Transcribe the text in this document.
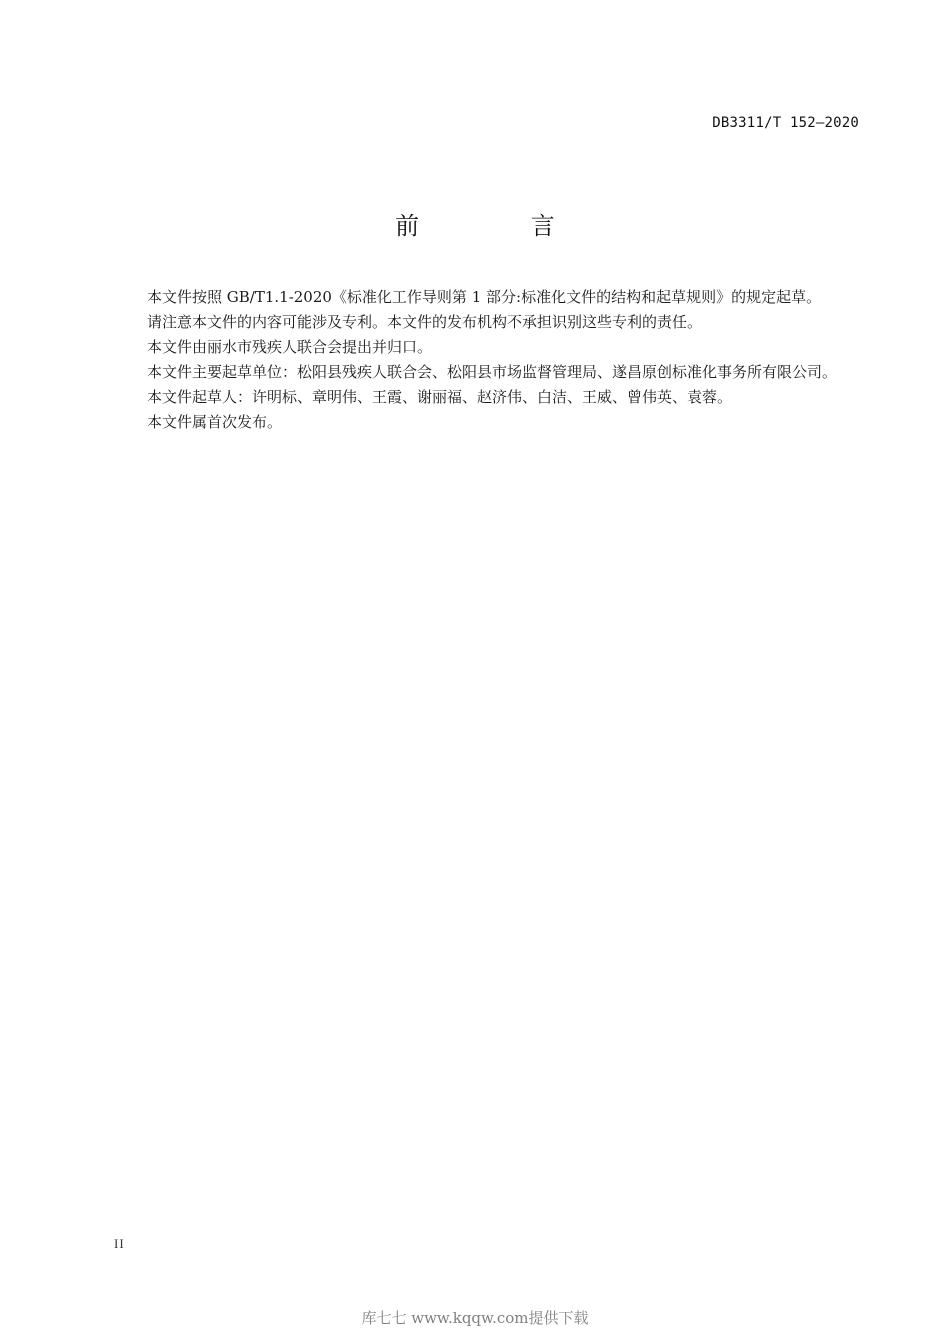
DB3311/T 152—2020
前 言

本文件按照 GB/T1.1-2020《标准化工作导则第 1 部分:标准化文件的结构和起草规则》的规定起草。

请注意本文件的内容可能涉及专利。本文件的发布机构不承担识别这些专利的责任。

本文件由丽水市残疾人联合会提出并归口。

本文件主要起草单位：松阳县残疾人联合会、松阳县市场监督管理局、遂昌原创标准化事务所有限公司。

本文件起草人：许明标、章明伟、王霞、谢丽福、赵济伟、白洁、王威、曾伟英、袁蓉。

本文件属首次发布。

II
库七七 www.kqqw.com提供下载
